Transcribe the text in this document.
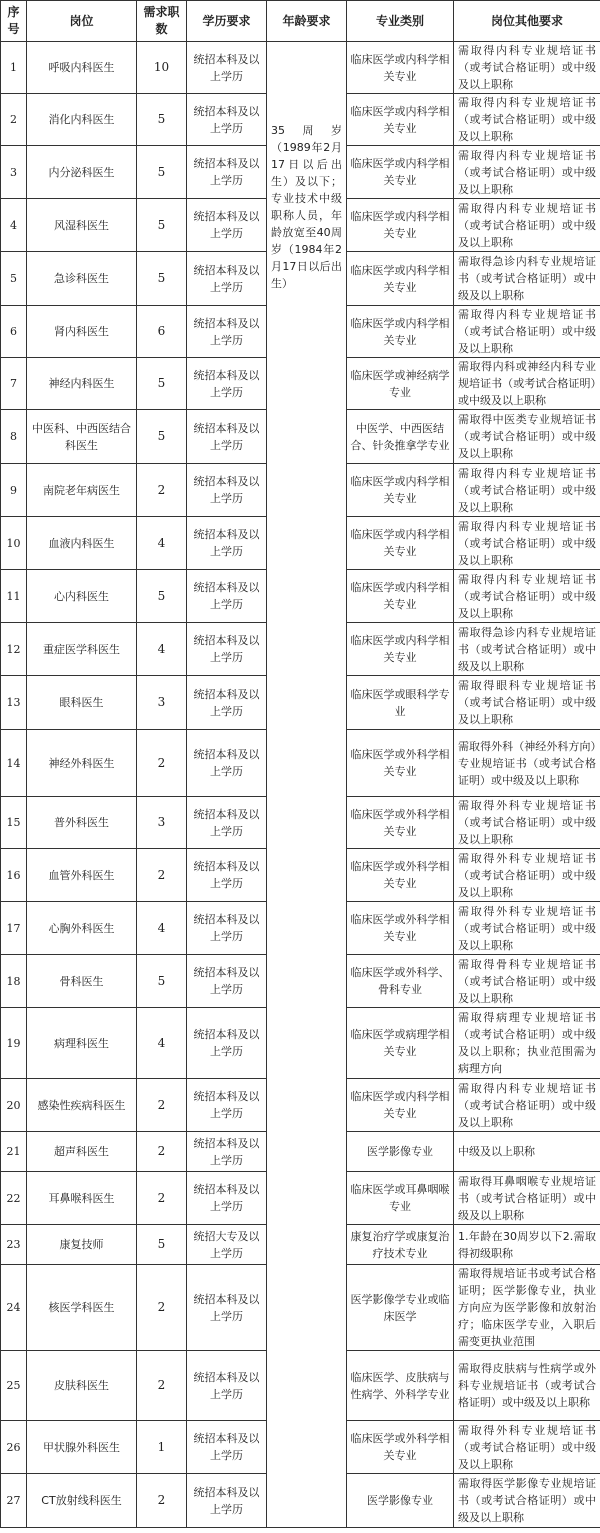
序号	岗位	需求职数	学历要求	年龄要求	专业类别	岗位其他要求
1	呼吸内科医生	10	统招本科及以上学历	35周岁（1989年2月17日以后出生）及以下；专业技术中级职称人员，年龄放宽至40周岁（1984年2月17日以后出生）	临床医学或内科学相关专业	需取得内科专业规培证书（或考试合格证明）或中级及以上职称
2	消化内科医生	5	统招本科及以上学历		临床医学或内科学相关专业	需取得内科专业规培证书（或考试合格证明）或中级及以上职称
3	内分泌科医生	5	统招本科及以上学历		临床医学或内科学相关专业	需取得内科专业规培证书（或考试合格证明）或中级及以上职称
4	风湿科医生	5	统招本科及以上学历		临床医学或内科学相关专业	需取得内科专业规培证书（或考试合格证明）或中级及以上职称
5	急诊科医生	5	统招本科及以上学历		临床医学或内科学相关专业	需取得急诊内科专业规培证书（或考试合格证明）或中级及以上职称
6	肾内科医生	6	统招本科及以上学历		临床医学或内科学相关专业	需取得内科专业规培证书（或考试合格证明）或中级及以上职称
7	神经内科医生	5	统招本科及以上学历		临床医学或神经病学专业	需取得内科或神经内科专业规培证书（或考试合格证明）或中级及以上职称
8	中医科、中西医结合科医生	5	统招本科及以上学历		中医学、中西医结合、针灸推拿学专业	需取得中医类专业规培证书（或考试合格证明）或中级及以上职称
9	南院老年病医生	2	统招本科及以上学历		临床医学或内科学相关专业	需取得内科专业规培证书（或考试合格证明）或中级及以上职称
10	血液内科医生	4	统招本科及以上学历		临床医学或内科学相关专业	需取得内科专业规培证书（或考试合格证明）或中级及以上职称
11	心内科医生	5	统招本科及以上学历		临床医学或内科学相关专业	需取得内科专业规培证书（或考试合格证明）或中级及以上职称
12	重症医学科医生	4	统招本科及以上学历		临床医学或内科学相关专业	需取得急诊内科专业规培证书（或考试合格证明）或中级及以上职称
13	眼科医生	3	统招本科及以上学历		临床医学或眼科学专业	需取得眼科专业规培证书（或考试合格证明）或中级及以上职称
14	神经外科医生	2	统招本科及以上学历		临床医学或外科学相关专业	需取得外科（神经外科方向）专业规培证书（或考试合格证明）或中级及以上职称
15	普外科医生	3	统招本科及以上学历		临床医学或外科学相关专业	需取得外科专业规培证书（或考试合格证明）或中级及以上职称
16	血管外科医生	2	统招本科及以上学历		临床医学或外科学相关专业	需取得外科专业规培证书（或考试合格证明）或中级及以上职称
17	心胸外科医生	4	统招本科及以上学历		临床医学或外科学相关专业	需取得外科专业规培证书（或考试合格证明）或中级及以上职称
18	骨科医生	5	统招本科及以上学历		临床医学或外科学、骨科专业	需取得骨科专业规培证书（或考试合格证明）或中级及以上职称
19	病理科医生	4	统招本科及以上学历		临床医学或病理学相关专业	需取得病理专业规培证书（或考试合格证明）或中级及以上职称；执业范围需为病理方向
20	感染性疾病科医生	2	统招本科及以上学历		临床医学或内科学相关专业	需取得内科专业规培证书（或考试合格证明）或中级及以上职称
21	超声科医生	2	统招本科及以上学历		医学影像专业	中级及以上职称
22	耳鼻喉科医生	2	统招本科及以上学历		临床医学或耳鼻咽喉专业	需取得耳鼻咽喉专业规培证书（或考试合格证明）或中级及以上职称
23	康复技师	5	统招大专及以上学历		康复治疗学或康复治疗技术专业	1.年龄在30周岁以下2.需取得初级职称
24	核医学科医生	2	统招本科及以上学历		医学影像学专业或临床医学	需取得规培证书或考试合格证明；医学影像专业，执业方向应为医学影像和放射治疗；临床医学专业，入职后需变更执业范围
25	皮肤科医生	2	统招本科及以上学历		临床医学、皮肤病与性病学、外科学专业	需取得皮肤病与性病学或外科专业规培证书（或考试合格证明）或中级及以上职称
26	甲状腺外科医生	1	统招本科及以上学历		临床医学或外科学相关专业	需取得外科专业规培证书（或考试合格证明）或中级及以上职称
27	CT放射线科医生	2	统招本科及以上学历		医学影像专业	需取得医学影像专业规培证书（或考试合格证明）或中级及以上职称
